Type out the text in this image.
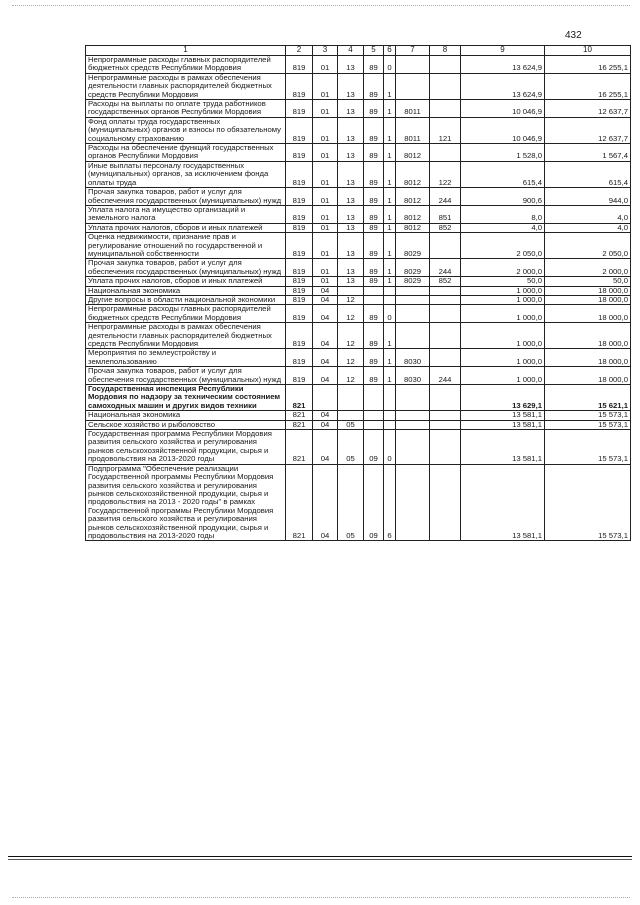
432
1	2	3	4	5	6	7	8	9	10
Непрограммные расходы главных распорядителей бюджетных средств Республики Мордовия	819	01	13	89	0			13 624,9	16 255,1
Непрограммные расходы в рамках обеспечения деятельности главных распорядителей бюджетных средств Республики Мордовия	819	01	13	89	1			13 624,9	16 255,1
Расходы на выплаты по оплате труда работников государственных органов Республики Мордовия	819	01	13	89	1	8011		10 046,9	12 637,7
Фонд оплаты труда государственных (муниципальных) органов и взносы по обязательному социальному страхованию	819	01	13	89	1	8011	121	10 046,9	12 637,7
Расходы на обеспечение функций государственных органов Республики Мордовия	819	01	13	89	1	8012		1 528,0	1 567,4
Иные выплаты персоналу государственных (муниципальных) органов, за исключением фонда оплаты труда	819	01	13	89	1	8012	122	615,4	615,4
Прочая закупка товаров, работ и услуг для обеспечения государственных (муниципальных) нужд	819	01	13	89	1	8012	244	900,6	944,0
Уплата налога на имущество организаций и земельного налога	819	01	13	89	1	8012	851	8,0	4,0
Уплата прочих налогов, сборов и иных платежей	819	01	13	89	1	8012	852	4,0	4,0
Оценка недвижимости, признание прав и регулирование отношений по государственной и муниципальной собственности	819	01	13	89	1	8029		2 050,0	2 050,0
Прочая закупка товаров, работ и услуг для обеспечения государственных (муниципальных) нужд	819	01	13	89	1	8029	244	2 000,0	2 000,0
Уплата прочих налогов, сборов и иных платежей	819	01	13	89	1	8029	852	50,0	50,0
Национальная экономика	819	04						1 000,0	18 000,0
Другие вопросы в области национальной экономики	819	04	12					1 000,0	18 000,0
Непрограммные расходы главных распорядителей бюджетных средств Республики Мордовия	819	04	12	89	0			1 000,0	18 000,0
Непрограммные расходы в рамках обеспечения деятельности главных распорядителей бюджетных средств Республики Мордовия	819	04	12	89	1			1 000,0	18 000,0
Мероприятия по землеустройству и землепользованию	819	04	12	89	1	8030		1 000,0	18 000,0
Прочая закупка товаров, работ и услуг для обеспечения государственных (муниципальных) нужд	819	04	12	89	1	8030	244	1 000,0	18 000,0
Государственная инспекция Республики Мордовия по надзору за техническим состоянием самоходных машин и других видов техники	821							13 629,1	15 621,1
Национальная экономика	821	04						13 581,1	15 573,1
Сельское хозяйство и рыболовство	821	04	05					13 581,1	15 573,1
Государственная программа Республики Мордовия развития сельского хозяйства и регулирования рынков сельскохозяйственной продукции, сырья и продовольствия на 2013-2020 годы	821	04	05	09	0			13 581,1	15 573,1
Подпрограмма "Обеспечение реализации Государственной программы Республики Мордовия развития сельского хозяйства и регулирования рынков сельскохозяйственной продукции, сырья и продовольствия на 2013 - 2020 годы" в рамках Государственной программы Республики Мордовия развития сельского хозяйства и регулирования рынков сельскохозяйственной продукции, сырья и продовольствия на 2013-2020 годы	821	04	05	09	6			13 581,1	15 573,1
